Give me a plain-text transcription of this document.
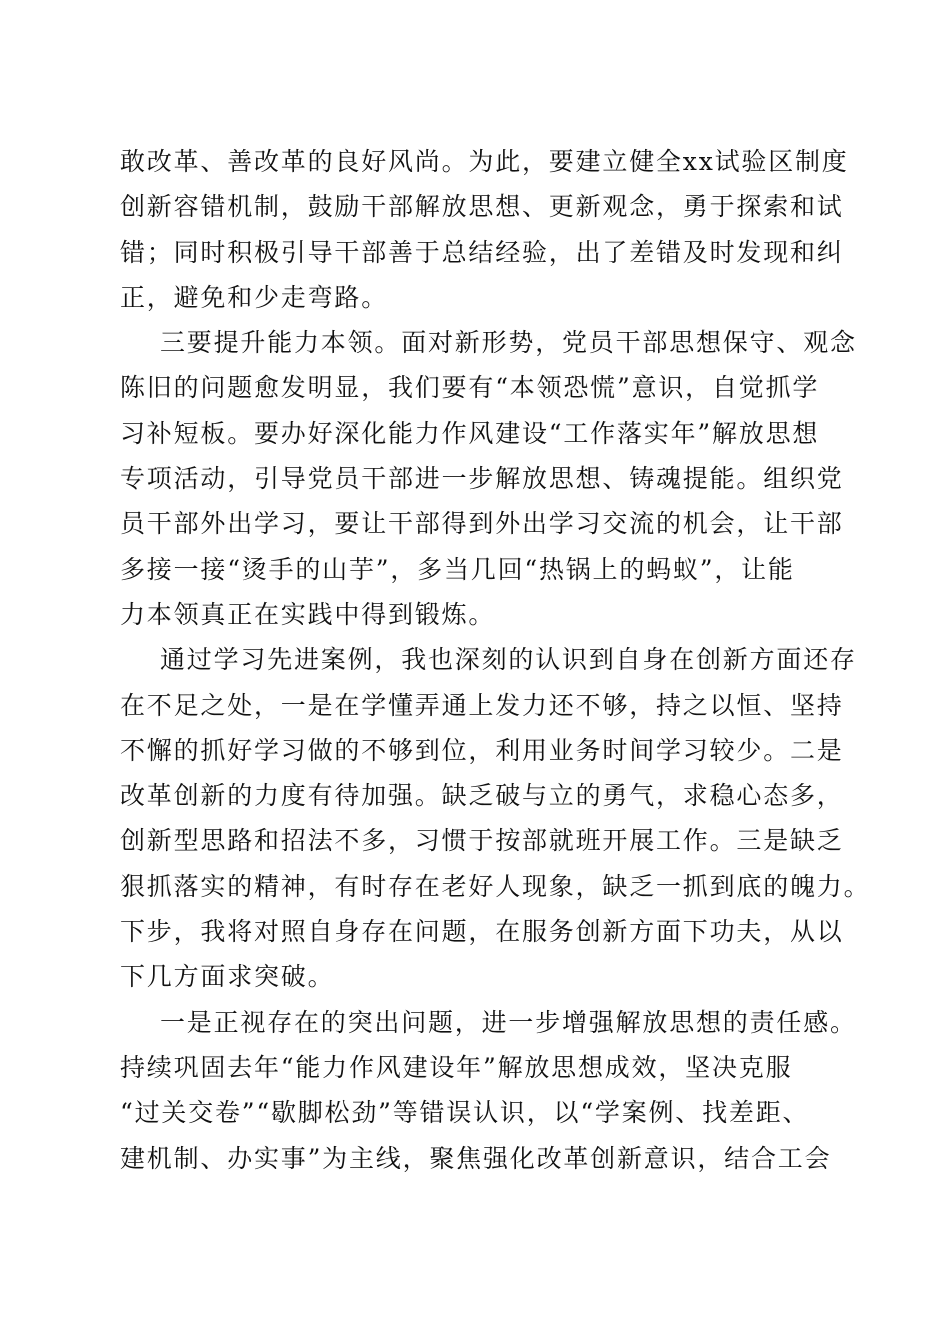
敢改革、善改革的良好风尚。为此，要建立健全xx试验区制度
创新容错机制，鼓励干部解放思想、更新观念，勇于探索和试
错；同时积极引导干部善于总结经验，出了差错及时发现和纠
正，避免和少走弯路。
三要提升能力本领。面对新形势，党员干部思想保守、观念
陈旧的问题愈发明显，我们要有“本领恐慌”意识，自觉抓学
习补短板。要办好深化能力作风建设“工作落实年”解放思想
专项活动，引导党员干部进一步解放思想、铸魂提能。组织党
员干部外出学习，要让干部得到外出学习交流的机会，让干部
多接一接“烫手的山芋”，多当几回“热锅上的蚂蚁”，让能
力本领真正在实践中得到锻炼。
通过学习先进案例，我也深刻的认识到自身在创新方面还存
在不足之处，一是在学懂弄通上发力还不够，持之以恒、坚持
不懈的抓好学习做的不够到位，利用业务时间学习较少。二是
改革创新的力度有待加强。缺乏破与立的勇气，求稳心态多，
创新型思路和招法不多，习惯于按部就班开展工作。三是缺乏
狠抓落实的精神，有时存在老好人现象，缺乏一抓到底的魄力。
下步，我将对照自身存在问题，在服务创新方面下功夫，从以
下几方面求突破。
一是正视存在的突出问题，进一步增强解放思想的责任感。
持续巩固去年“能力作风建设年”解放思想成效，坚决克服
“过关交卷”“歇脚松劲”等错误认识，以“学案例、找差距、
建机制、办实事”为主线，聚焦强化改革创新意识，结合工会
